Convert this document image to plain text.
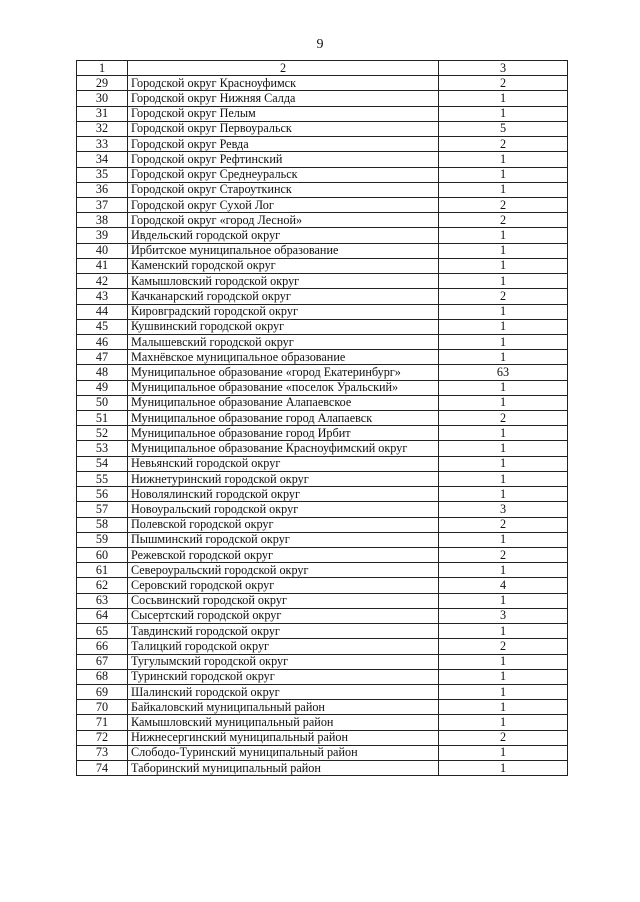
9
1	2	3
29	Городской округ Красноуфимск	2
30	Городской округ Нижняя Салда	1
31	Городской округ Пелым	1
32	Городской округ Первоуральск	5
33	Городской округ Ревда	2
34	Городской округ Рефтинский	1
35	Городской округ Среднеуральск	1
36	Городской округ Староуткинск	1
37	Городской округ Сухой Лог	2
38	Городской округ «город Лесной»	2
39	Ивдельский городской округ	1
40	Ирбитское муниципальное образование	1
41	Каменский городской округ	1
42	Камышловский городской округ	1
43	Качканарский городской округ	2
44	Кировградский городской округ	1
45	Кушвинский городской округ	1
46	Малышевский городской округ	1
47	Махнёвское муниципальное образование	1
48	Муниципальное образование «город Екатеринбург»	63
49	Муниципальное образование «поселок Уральский»	1
50	Муниципальное образование Алапаевское	1
51	Муниципальное образование город Алапаевск	2
52	Муниципальное образование город Ирбит	1
53	Муниципальное образование Красноуфимский округ	1
54	Невьянский городской округ	1
55	Нижнетуринский городской округ	1
56	Новолялинский городской округ	1
57	Новоуральский городской округ	3
58	Полевской городской округ	2
59	Пышминский городской округ	1
60	Режевской городской округ	2
61	Североуральский городской округ	1
62	Серовский городской округ	4
63	Сосьвинский городской округ	1
64	Сысертский городской округ	3
65	Тавдинский городской округ	1
66	Талицкий городской округ	2
67	Тугулымский городской округ	1
68	Туринский городской округ	1
69	Шалинский городской округ	1
70	Байкаловский муниципальный район	1
71	Камышловский муниципальный район	1
72	Нижнесергинский муниципальный район	2
73	Слободо-Туринский муниципальный район	1
74	Таборинский муниципальный район	1
